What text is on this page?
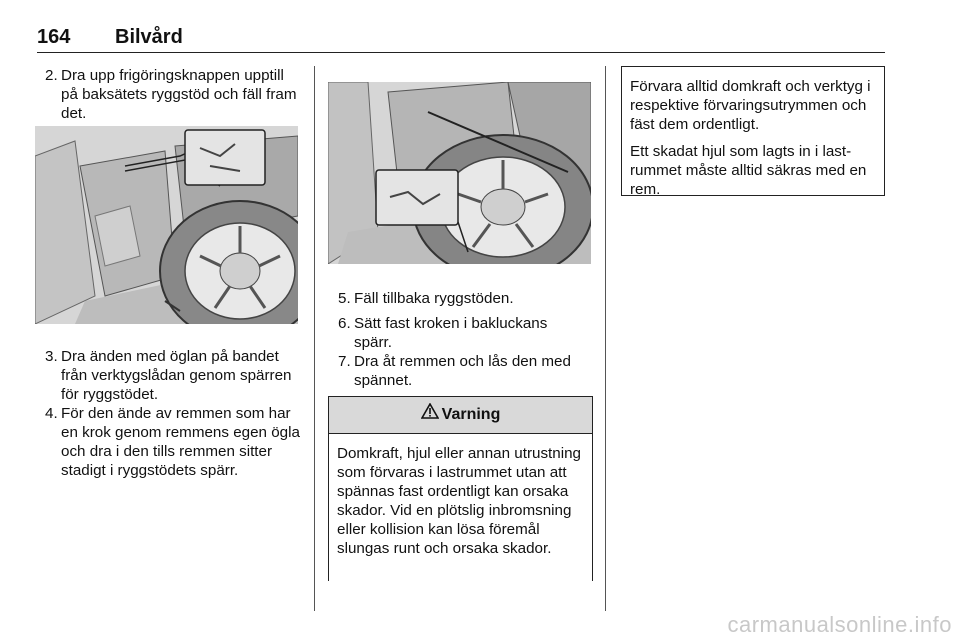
164 Bilvård
2. Dra upp frigöringsknappen upptill på baksätets ryggstöd och fäll fram det.
3. Dra änden med öglan på bandet från verktygslådan genom spärren för ryggstödet.
4. För den ände av remmen som har en krok genom remmens egen ögla och dra i den tills remmen sitter stadigt i ryggstödets spärr.
5. Fäll tillbaka ryggstöden.
6. Sätt fast kroken i bakluckans spärr.
7. Dra åt remmen och lås den med spännet.
Varning
Domkraft, hjul eller annan utrustning som förvaras i lastrummet utan att spännas fast ordentligt kan orsaka skador. Vid en plötslig inbromsning eller kollision kan lösa föremål slungas runt och orsaka skador.

Förvara alltid domkraft och verktyg i respektive förvaringsutrymmen och fäst dem ordentligt.

Ett skadat hjul som lagts in i lastrummet måste alltid säkras med en rem.

carmanualsonline.info
